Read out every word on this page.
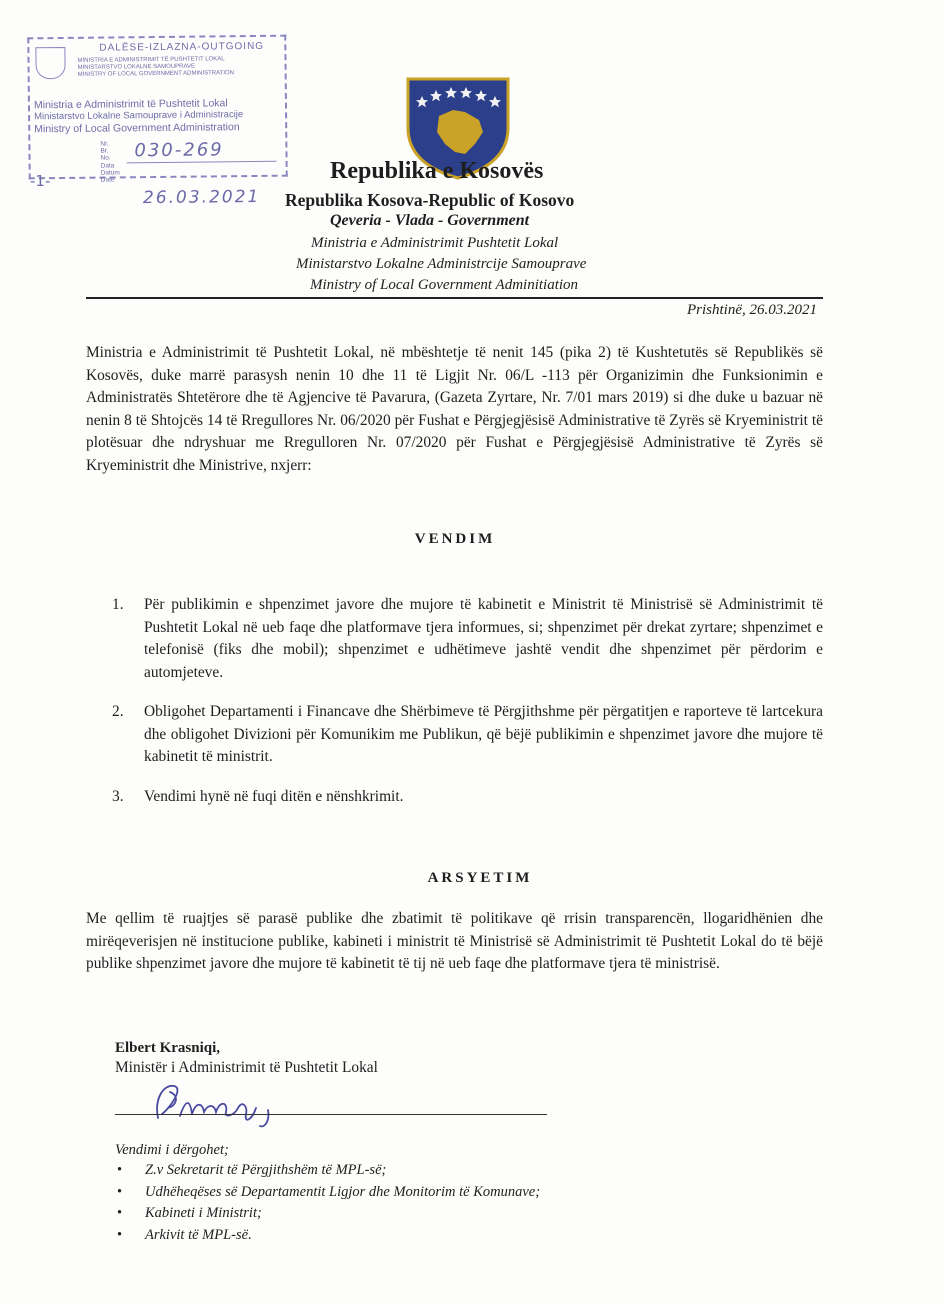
DALËSE-IZLAZNA-OUTGOING
MINISTRIA E ADMINISTRIMIT TË PUSHTETIT LOKAL
MINISTARSTVO LOKALNE SAMOUPRAVE
MINISTRY OF LOCAL GOVERNMENT ADMINISTRATION
Ministria e Administrimit të Pushtetit Lokal
Ministarstvo Lokalne Samouprave i Administracije
Ministry of Local Government Administration
Nr. Br. No. 030-269
Data Datum Date
26.03.2021
-1-	Republika e Kosovës
Republika Kosova-Republic of Kosovo
Qeveria - Vlada - Government
Ministria e Administrimit Pushtetit Lokal
Ministarstvo Lokalne Administrcije Samouprave
Ministry of Local Government Adminitiation
Prishtinë, 26.03.2021
Ministria e Administrimit të Pushtetit Lokal, në mbështetje të nenit 145 (pika 2) të Kushtetutës së Republikës së Kosovës, duke marrë parasysh nenin 10 dhe 11 të Ligjit Nr. 06/L -113 për Organizimin dhe Funksionimin e Administratës Shtetërore dhe të Agjencive të Pavarura, (Gazeta Zyrtare, Nr. 7/01 mars 2019) si dhe duke u bazuar në nenin 8 të Shtojcës 14 të Rregullores Nr. 06/2020 për Fushat e Përgjegjësisë Administrative të Zyrës së Kryeministrit të plotësuar dhe ndryshuar me Rregulloren Nr. 07/2020 për Fushat e Përgjegjësisë Administrative të Zyrës së Kryeministrit dhe Ministrive, nxjerr:
VENDIM
1. Për publikimin e shpenzimet javore dhe mujore të kabinetit e Ministrit të Ministrisë së Administrimit të Pushtetit Lokal në ueb faqe dhe platformave tjera informues, si; shpenzimet për drekat zyrtare; shpenzimet e telefonisë (fiks dhe mobil); shpenzimet e udhëtimeve jashtë vendit dhe shpenzimet për përdorim e automjeteve.
2. Obligohet Departamenti i Financave dhe Shërbimeve të Përgjithshme për përgatitjen e raporteve të lartcekura dhe obligohet Divizioni për Komunikim me Publikun, që bëjë publikimin e shpenzimet javore dhe mujore të kabinetit të ministrit.
3. Vendimi hynë në fuqi ditën e nënshkrimit.
ARSYETIM
Me qellim të ruajtjes së parasë publike dhe zbatimit të politikave që rrisin transparencën, llogaridhënien dhe mirëqeverisjen në institucione publike, kabineti i ministrit të Ministrisë së Administrimit të Pushtetit Lokal do të bëjë publike shpenzimet javore dhe mujore të kabinetit të tij në ueb faqe dhe platformave tjera të ministrisë.
Elbert Krasniqi,
Ministër i Administrimit të Pushtetit Lokal
Vendimi i dërgohet;
• Z.v Sekretarit të Përgjithshëm të MPL-së;
• Udhëheqëses së Departamentit Ligjor dhe Monitorim të Komunave;
• Kabineti i Ministrit;
• Arkivit të MPL-së.
